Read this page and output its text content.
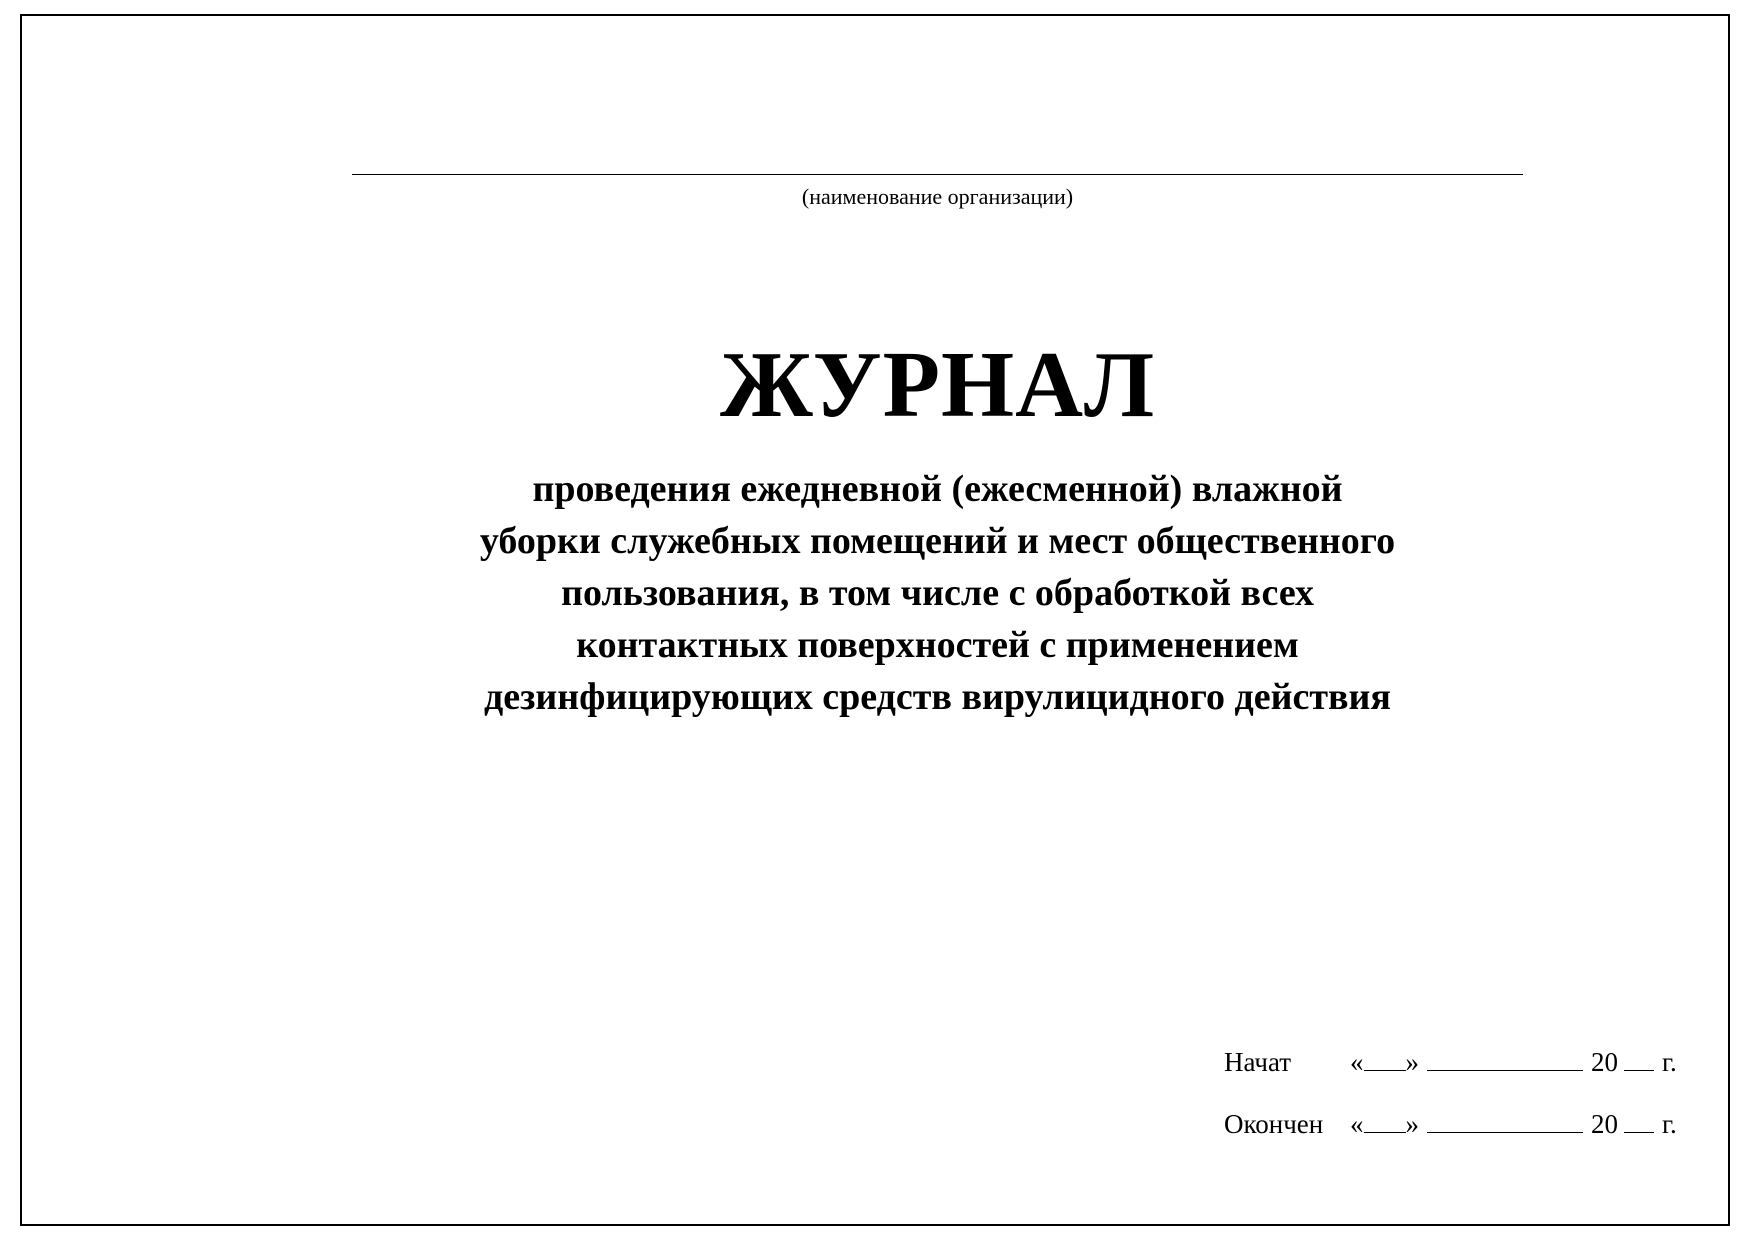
(наименование организации)
ЖУРНАЛ
проведения ежедневной (ежесменной) влажной
уборки служебных помещений и мест общественного
пользования, в том числе с обработкой всех
контактных поверхностей с применением
дезинфицирующих средств вирулицидного действия
Начат	« »	20 г.
Окончен « »	20 г.
